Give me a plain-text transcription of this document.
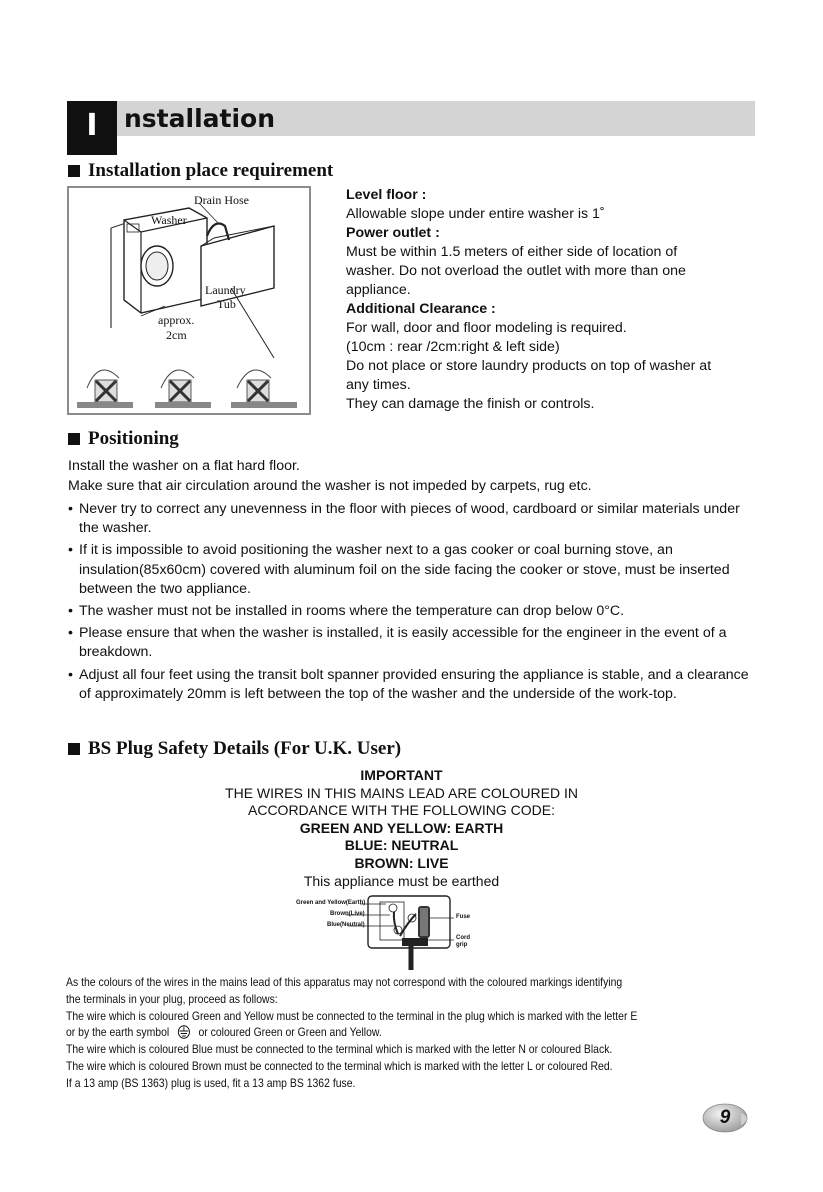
I	nstallation
Installation place requirement
Drain Hose
Washer
Laundry
Tub
approx.
2cm
Level floor :
Allowable slope under entire washer is 1˚
Power outlet :
Must be within 1.5 meters of either side of location of
washer. Do not overload the outlet with more than one
appliance.
Additional Clearance :
For wall, door and floor modeling is required.
(10cm : rear /2cm:right & left side)
Do not place or store laundry products on top of washer at
any times.
They can damage the finish or controls.
Positioning
Install the washer on a flat hard floor.
Make sure that air circulation around the washer is not impeded by carpets, rug etc.
• Never try to correct any unevenness in the floor with pieces of wood, cardboard or similar materials under the washer.
• If it is impossible to avoid positioning the washer next to a gas cooker or coal burning stove, an insulation(85x60cm) covered with aluminum foil on the side facing the cooker or stove, must be inserted between the two appliance.
• The washer must not be installed in rooms where the temperature can drop below 0°C.
• Please ensure that when the washer is installed, it is easily accessible for the engineer in the event of a breakdown.
• Adjust all four feet using the transit bolt spanner provided ensuring the appliance is stable, and a clearance of approximately 20mm is left between the top of the washer and the underside of the work-top.
BS Plug Safety Details (For U.K. User)
IMPORTANT
THE WIRES IN THIS MAINS LEAD ARE COLOURED IN
ACCORDANCE WITH THE FOLLOWING CODE:
GREEN AND YELLOW: EARTH
BLUE: NEUTRAL
BROWN: LIVE
This appliance must be earthed
Green and Yellow(Earth)
Brown(Live)
Blue(Neutral)
Fuse
Cord
grip
As the colours of the wires in the mains lead of this apparatus may not correspond with the coloured markings identifying
the terminals in your plug, proceed as follows:
The wire which is coloured Green and Yellow must be connected to the terminal in the plug which is marked with the letter E
or by the earth symbol	or coloured Green or Green and Yellow.
The wire which is coloured Blue must be connected to the terminal which is marked with the letter N or coloured Black.
The wire which is coloured Brown must be connected to the terminal which is marked with the letter L or coloured Red.
If a 13 amp (BS 1363) plug is used, fit a 13 amp BS 1362 fuse.
9
